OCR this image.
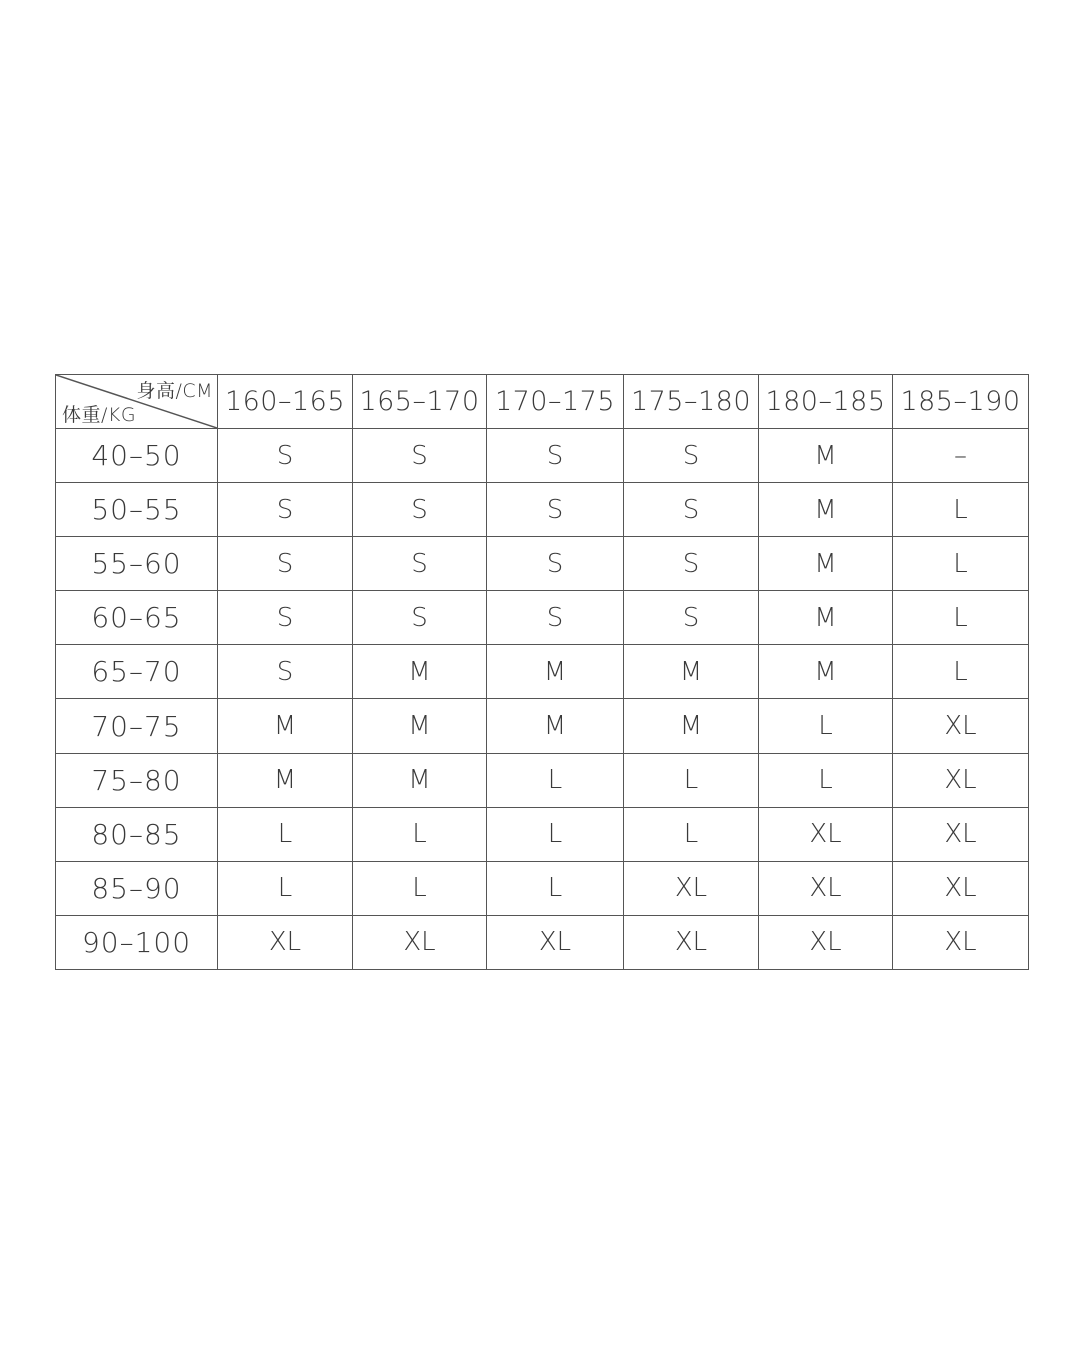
身高/CM
体重/KG	160–165	165–170	170–175	175–180	180–185	185–190
40–50	S	S	S	S	M	–
50–55	S	S	S	S	M	L
55–60	S	S	S	S	M	L
60–65	S	S	S	S	M	L
65–70	S	M	M	M	M	L
70–75	M	M	M	M	L	XL
75–80	M	M	L	L	L	XL
80–85	L	L	L	L	XL	XL
85–90	L	L	L	XL	XL	XL
90–100	XL	XL	XL	XL	XL	XL
